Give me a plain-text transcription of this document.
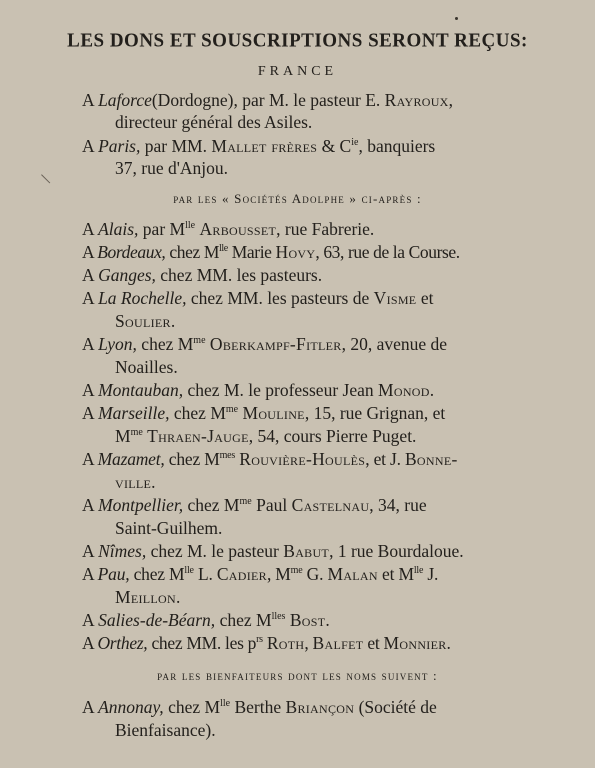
LES DONS ET SOUSCRIPTIONS SERONT REÇUS:
FRANCE
A Laforce(Dordogne), par M. le pasteur E. Rayroux,
directeur général des Asiles.
A Paris, par MM. Mallet frères & $C^{ie}$, banquiers
37, rue d'Anjou.
par les « Sociétés Adolphe » ci-après :
A Alais, par $M^{lle}$ Arbousset, rue Fabrerie.
A Bordeaux, chez $M^{lle}$ Marie Hovy, 63, rue de la Course.
A Ganges, chez MM. les pasteurs.
A La Rochelle, chez MM. les pasteurs de Visme et
Soulier.
A Lyon, chez $M^{me}$ Oberkampf-Fitler, 20, avenue de
Noailles.
A Montauban, chez M. le professeur Jean Monod.
A Marseille, chez $M^{me}$ Mouline, 15, rue Grignan, et
$M^{me}$ Thraen-Jauge, 54, cours Pierre Puget.
A Mazamet, chez $M^{mes}$ Rouvière-Houlès, et J. Bonne-
ville.
A Montpellier, chez $M^{me}$ Paul Castelnau, 34, rue
Saint-Guilhem.
A Nîmes, chez M. le pasteur Babut, 1 rue Bourdaloue.
A Pau, chez $M^{lle}$ L. Cadier, $M^{me}$ G. Malan et $M^{lle}$ J.
Meillon.
A Salies-de-Béarn, chez $M^{lles}$ Bost.
A Orthez, chez MM. les $p^{rs}$ Roth, Balfet et Monnier.
par les bienfaiteurs dont les noms suivent :
A Annonay, chez $M^{lle}$ Berthe Briançon (Société de
Bienfaisance).
